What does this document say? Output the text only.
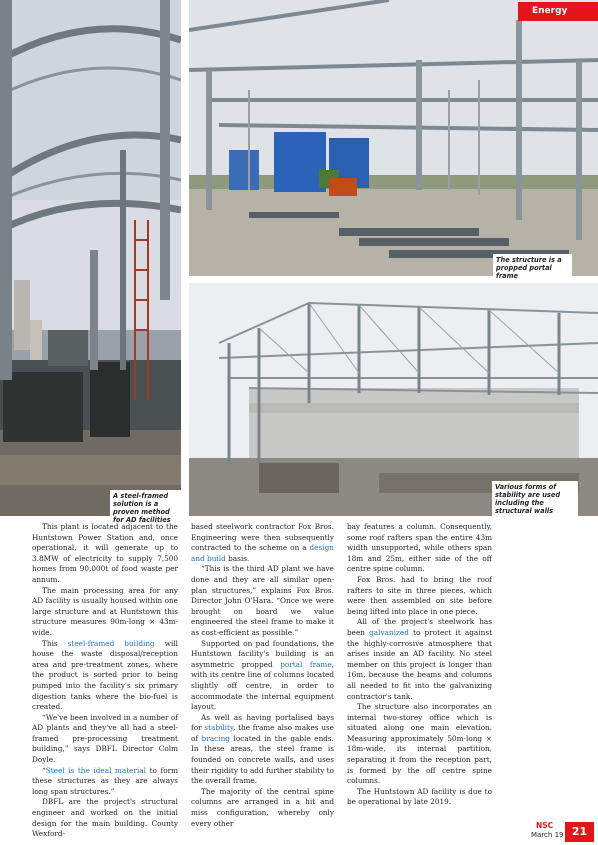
Energy
A steel-framed solution is a proven method for AD facilities
The structure is a propped portal frame
Various forms of stability are used including the structural walls

This plant is located adjacent to the Huntstown Power Station and, once operational, it will generate up to 3.8MW of electricity to supply 7,500 homes from 90,000t of food waste per annum.

The main processing area for any AD facility is usually housed within one large structure and at Huntstown this structure measures 90m-long × 43m-wide.

This steel-framed building will house the waste disposal/reception area and pre-treatment zones, where the product is sorted prior to being pumped into the facility's six primary digestion tanks where the bio-fuel is created.

“We've been involved in a number of AD plants and they've all had a steel-framed pre-processing treatment building,” says DBFL Director Colm Doyle.

“Steel is the ideal material to form these structures as they are always long span structures.”

DBFL are the project's structural engineer and worked on the initial design for the main building. County Wexford-

based steelwork contractor Fox Bros. Engineering were then subsequently contracted to the scheme on a design and build basis.

“This is the third AD plant we have done and they are all similar open-plan structures,” explains Fox Bros. Director John O'Hara. “Once we were brought on board we value engineered the steel frame to make it as cost-efficient as possible.”

Supported on pad foundations, the Huntstown facility's building is an asymmetric propped portal frame, with its centre line of columns located slightly off centre, in order to accommodate the internal equipment layout.

As well as having portalised bays for stability, the frame also makes use of bracing located in the gable ends. In these areas, the steel frame is founded on concrete walls, and uses their rigidity to add further stability to the overall frame.

The majority of the central spine columns are arranged in a hit and miss configuration, whereby only every other

bay features a column. Consequently, some roof rafters span the entire 43m width unsupported, while others span 18m and 25m, either side of the off centre spine column.

Fox Bros. had to bring the roof rafters to site in three pieces, which were then assembled on site before being lifted into place in one piece.

All of the project's steelwork has been galvanized to protect it against the highly-corrosive atmosphere that arises inside an AD facility. No steel member on this project is longer than 16m, because the beams and columns all needed to fit into the galvanizing contractor's tank.

The structure also incorporates an internal two-storey office which is situated along one main elevation. Measuring approximately 50m-long × 18m-wide, its internal partition, separating it from the reception part, is formed by the off centre spine columns.

The Huntstown AD facility is due to be operational by late 2019.

NSC
March 19 21
